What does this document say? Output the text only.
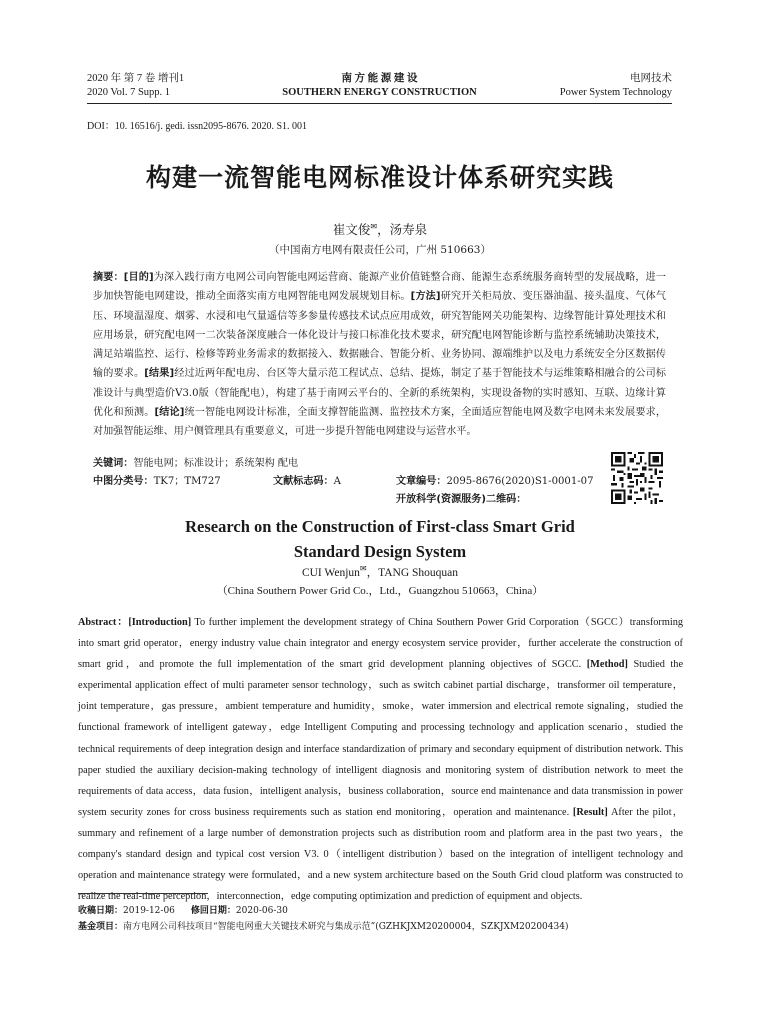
2020 年 第 7 卷 增刊1
2020 Vol. 7 Supp. 1
南 方 能 源 建 设
SOUTHERN ENERGY CONSTRUCTION
电网技术
Power System Technology
DOI：10. 16516/j. gedi. issn2095-8676. 2020. S1. 001
构建一流智能电网标准设计体系研究实践
崔文俊✉，汤寿泉
（中国南方电网有限责任公司，广州 510663）
摘要：[目的]为深入践行南方电网公司向智能电网运营商、能源产业价值链整合商、能源生态系统服务商转型的发展战略，进一步加快智能电网建设，推动全面落实南方电网智能电网发展规划目标。[方法]研究开关柜局放、变压器油温、接头温度、气体气压、环境温湿度、烟雾、水浸和电气量遥信等多参量传感技术试点应用成效，研究智能网关功能架构、边缘智能计算处理技术和应用场景，研究配电网一二次装备深度融合一体化设计与接口标准化技术要求，研究配电网智能诊断与监控系统辅助决策技术，满足站端监控、运行、检修等跨业务需求的数据接入、数据融合、智能分析、业务协同、源端维护以及电力系统安全分区数据传输的要求。[结果]经过近两年配电房、台区等大量示范工程试点、总结、提炼，制定了基于智能技术与运维策略相融合的公司标准设计与典型造价V3.0版（智能配电），构建了基于南网云平台的、全新的系统架构，实现设备物的实时感知、互联、边缘计算优化和预测。[结论]统一智能电网设计标准，全面支撑智能监测、监控技术方案，全面适应智能电网及数字电网未来发展要求，对加强智能运维、用户侧管理具有重要意义，可进一步提升智能电网建设与运营水平。
关键词：智能电网；标准设计；系统架构 配电
中图分类号：TK7；TM727	文献标志码：A	文章编号：2095-8676(2020)S1-0001-07
开放科学(资源服务)二维码：
Research on the Construction of First-class Smart Grid
Standard Design System
CUI Wenjun✉，TANG Shouquan
（China Southern Power Grid Co.，Ltd.，Guangzhou 510663，China）
Abstract：[Introduction] To further implement the development strategy of China Southern Power Grid Corporation（SGCC）transforming into smart grid operator，energy industry value chain integrator and energy ecosystem service provider，further accelerate the construction of smart grid，and promote the full implementation of the smart grid development planning objectives of SGCC. [Method] Studied the experimental application effect of multi parameter sensor technology，such as switch cabinet partial discharge，transformer oil temperature，joint temperature，gas pressure，ambient temperature and humidity，smoke，water immersion and electrical remote signaling，studied the functional framework of intelligent gateway，edge Intelligent Computing and processing technology and application scenario，studied the technical requirements of deep integration design and interface standardization of primary and secondary equipment of distribution network. This paper studied the auxiliary decision-making technology of intelligent diagnosis and monitoring system of distribution network to meet the requirements of data access，data fusion，intelligent analysis，business collaboration，source end maintenance and data transmission in power system security zones for cross business requirements such as station end monitoring，operation and maintenance. [Result] After the pilot，summary and refinement of a large number of demonstration projects such as distribution room and platform area in the past two years，the company's standard design and typical cost version V3. 0（intelligent distribution）based on the integration of intelligent technology and operation and maintenance strategy were formulated，and a new system architecture based on the South Grid cloud platform was constructed to realize the real-time perception，interconnection，edge computing optimization and prediction of equipment and objects.
收稿日期：2019-12-06 修回日期：2020-06-30
基金项目：南方电网公司科技项目“智能电网重大关键技术研究与集成示范”(GZHKJXM20200004，SZKJXM20200434)
